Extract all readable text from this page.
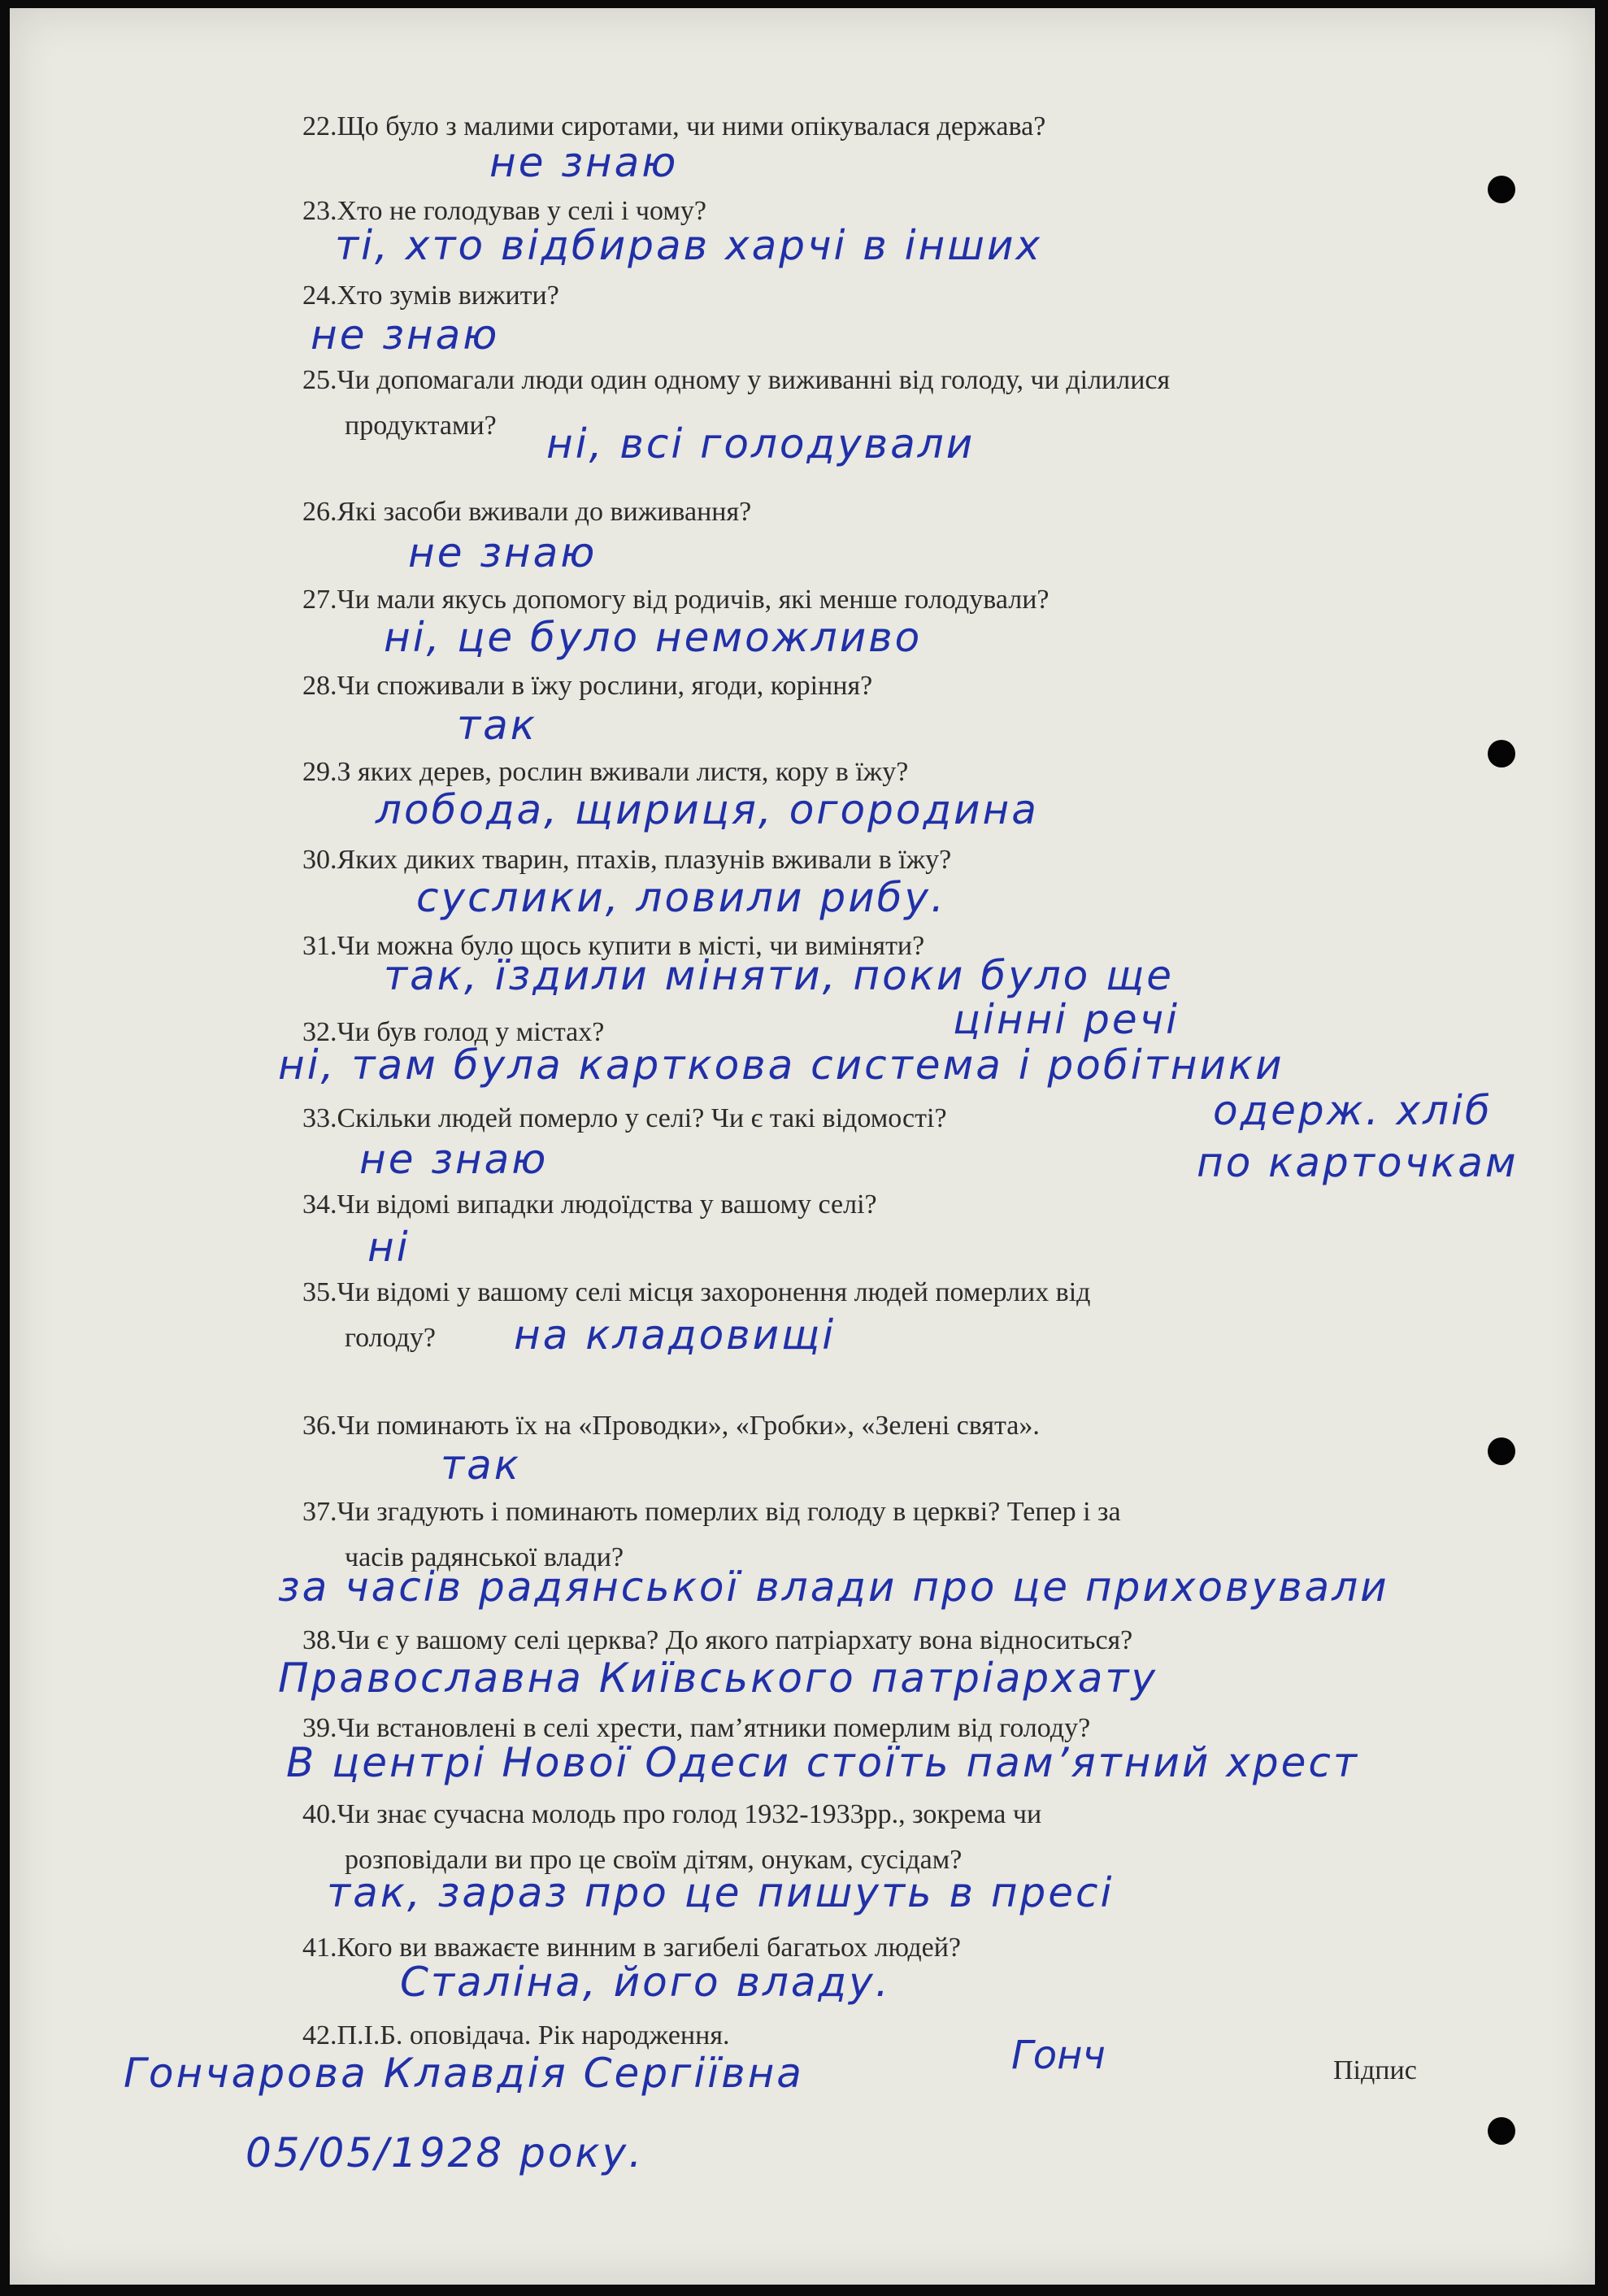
22.Що було з малими сиротами, чи ними опікувалася держава?
23.Хто не голодував у селі і чому?
24.Хто зумів вижити?
25.Чи допомагали люди один одному у виживанні від голоду, чи ділилися
продуктами?
26.Які засоби вживали до виживання?
27.Чи мали якусь допомогу від родичів, які менше голодували?
28.Чи споживали в їжу рослини, ягоди, коріння?
29.З яких дерев, рослин вживали листя, кору в їжу?
30.Яких диких тварин, птахів, плазунів вживали в їжу?
31.Чи можна було щось купити в місті, чи виміняти?
32.Чи був голод у містах?
33.Скільки людей померло у селі? Чи є такі відомості?
34.Чи відомі випадки людоїдства у вашому селі?
35.Чи відомі у вашому селі місця захоронення людей померлих від
голоду?
36.Чи поминають їх на «Проводки», «Гробки», «Зелені свята».
37.Чи згадують і поминають померлих від голоду в церкві? Тепер і за
часів радянської влади?
38.Чи є у вашому селі церква? До якого патріархату вона відноситься?
39.Чи встановлені в селі хрести, пам’ятники померлим від голоду?
40.Чи знає сучасна молодь про голод 1932-1933рр., зокрема чи
розповідали ви про це своїм дітям, онукам, сусідам?
41.Кого ви вважаєте винним в загибелі багатьох людей?
42.П.І.Б. оповідача. Рік народження.
не знаю
ті, хто відбирав харчі в інших
не знаю
ні, всі голодували
не знаю
ні, це було неможливо
так
лобода, щириця, огородина
суслики, ловили рибу.
так, їздили міняти, поки було ще
цінні речі
ні, там була карткова система і робітники
одерж. хліб
по карточкам
не знаю
ні
на кладовищі
так
за часів радянської влади про це приховували
Православна Київського патріархату
В центрі Нової Одеси стоїть пам’ятний хрест
так, зараз про це пишуть в пресі
Сталіна, його владу.
Гончарова Клавдія Сергіївна
05/05/1928 року.
Гонч	Підпис
